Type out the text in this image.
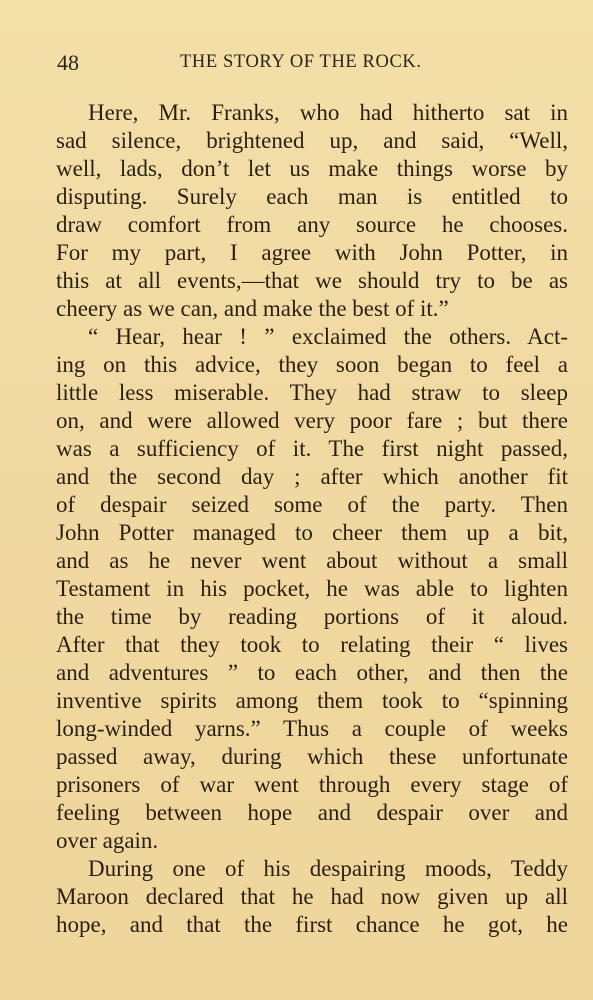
48	THE STORY OF THE ROCK.
Here, Mr. Franks, who had hitherto sat in
sad silence, brightened up, and said, “Well,
well, lads, don’t let us make things worse by
disputing. Surely each man is entitled to
draw comfort from any source he chooses.
For my part, I agree with John Potter, in
this at all events,—that we should try to be as
cheery as we can, and make the best of it.”
“ Hear, hear ! ” exclaimed the others. Act-
ing on this advice, they soon began to feel a
little less miserable. They had straw to sleep
on, and were allowed very poor fare ; but there
was a sufficiency of it. The first night passed,
and the second day ; after which another fit
of despair seized some of the party. Then
John Potter managed to cheer them up a bit,
and as he never went about without a small
Testament in his pocket, he was able to lighten
the time by reading portions of it aloud.
After that they took to relating their “ lives
and adventures ” to each other, and then the
inventive spirits among them took to “spinning
long-winded yarns.” Thus a couple of weeks
passed away, during which these unfortunate
prisoners of war went through every stage of
feeling between hope and despair over and
over again.
During one of his despairing moods, Teddy
Maroon declared that he had now given up all
hope, and that the first chance he got, he
